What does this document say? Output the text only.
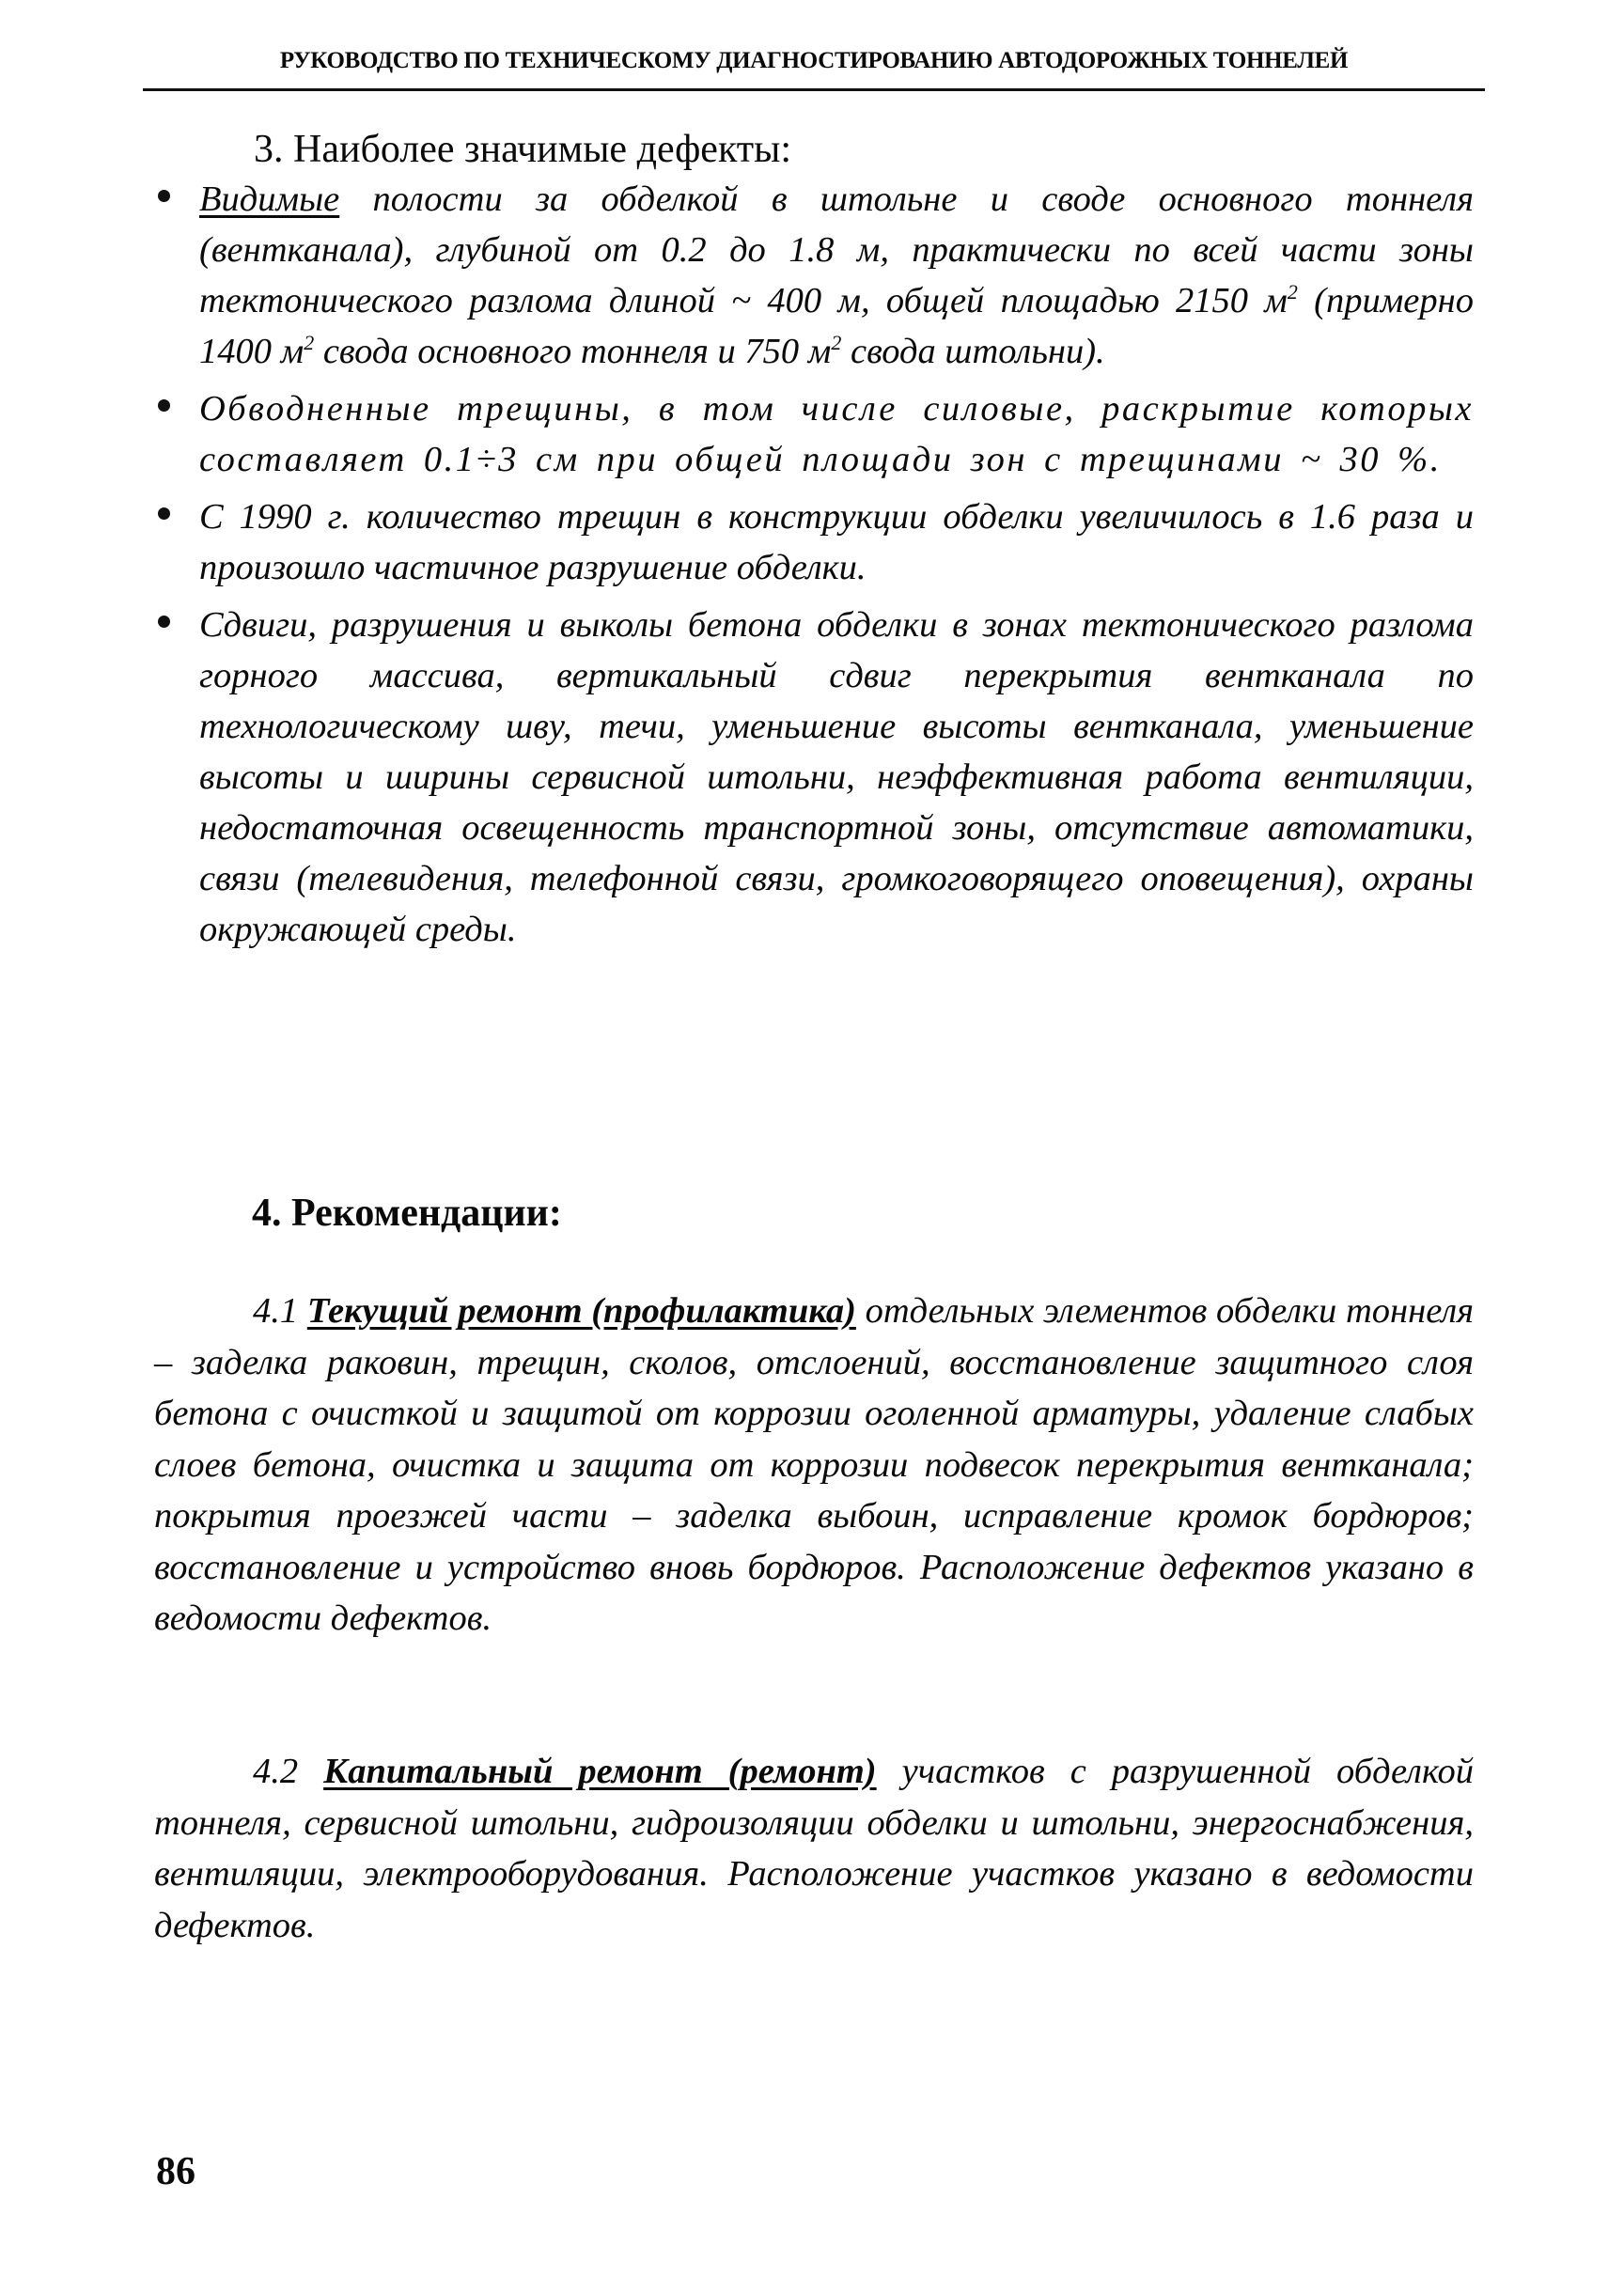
РУКОВОДСТВО ПО ТЕХНИЧЕСКОМУ ДИАГНОСТИРОВАНИЮ АВТОДОРОЖНЫХ ТОННЕЛЕЙ
3. Наиболее значимые дефекты:
Видимые полости за обделкой в штольне и своде основного тоннеля (вентканала), глубиной от 0.2 до 1.8 м, практически по всей части зоны тектонического разлома длиной ~ 400 м, общей площадью 2150 $м^2$ (примерно 1400 $м^2$ свода основного тоннеля и 750 $м^2$ свода штольни).
Обводненные трещины, в том числе силовые, раскрытие которых составляет 0.1÷3 см при общей площади зон с трещинами ~ 30 %.
С 1990 г. количество трещин в конструкции обделки увеличилось в 1.6 раза и произошло частичное разрушение обделки.
Сдвиги, разрушения и выколы бетона обделки в зонах тектонического разлома горного массива, вертикальный сдвиг перекрытия вентканала по технологическому шву, течи, уменьшение высоты вентканала, уменьшение высоты и ширины сервисной штольни, неэффективная работа вентиляции, недостаточная освещенность транспортной зоны, отсутствие автоматики, связи (телевидения, телефонной связи, громкоговорящего оповещения), охраны окружающей среды.
4. Рекомендации:

4.1 Текущий ремонт (профилактика) отдельных элементов обделки тоннеля – заделка раковин, трещин, сколов, отслоений, восстановление защитного слоя бетона с очисткой и защитой от коррозии оголенной арматуры, удаление слабых слоев бетона, очистка и защита от коррозии подвесок перекрытия вентканала; покрытия проезжей части – заделка выбоин, исправление кромок бордюров; восстановление и устройство вновь бордюров. Расположение дефектов указано в ведомости дефектов.

4.2 Капитальный ремонт (ремонт) участков с разрушенной обделкой тоннеля, сервисной штольни, гидроизоляции обделки и штольни, энергоснабжения, вентиляции, электрооборудования. Расположение участков указано в ведомости дефектов.

86
